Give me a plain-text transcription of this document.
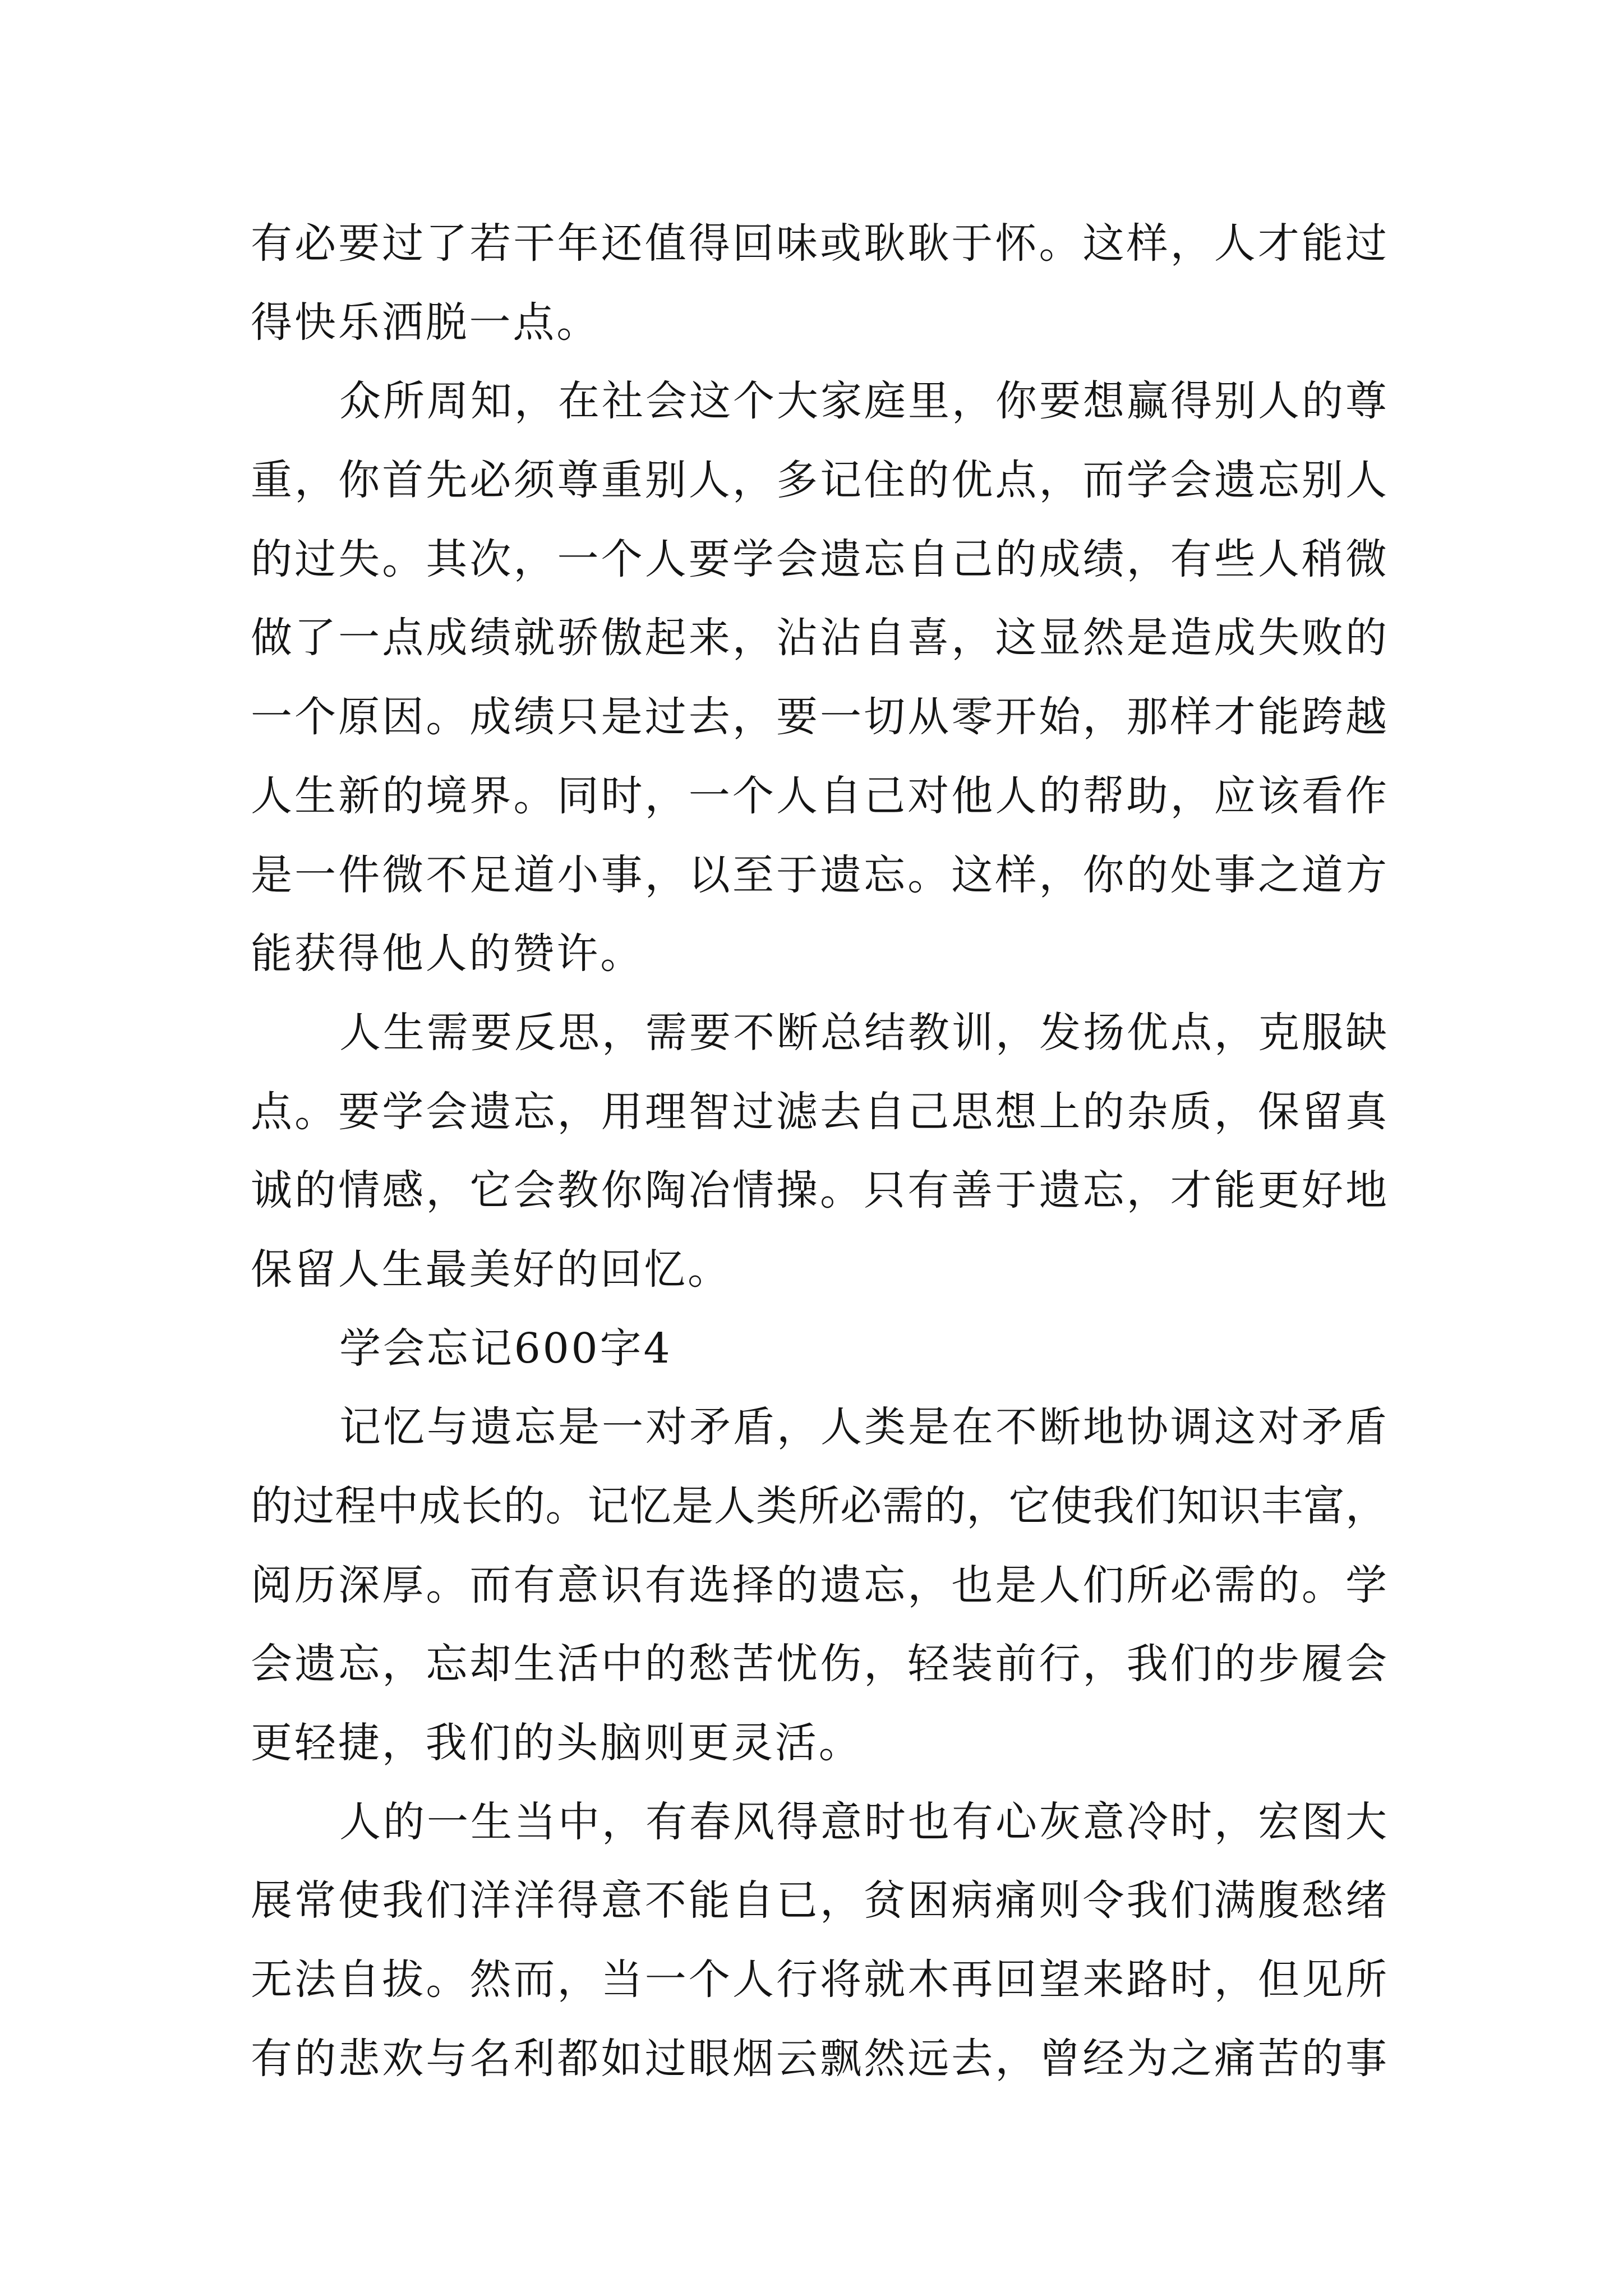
有必要过了若干年还值得回味或耿耿于怀。这样，人才能过
得快乐洒脱一点。
众所周知，在社会这个大家庭里，你要想赢得别人的尊
重，你首先必须尊重别人，多记住的优点，而学会遗忘别人
的过失。其次，一个人要学会遗忘自己的成绩，有些人稍微
做了一点成绩就骄傲起来，沾沾自喜，这显然是造成失败的
一个原因。成绩只是过去，要一切从零开始，那样才能跨越
人生新的境界。同时，一个人自己对他人的帮助，应该看作
是一件微不足道小事，以至于遗忘。这样，你的处事之道方
能获得他人的赞许。
人生需要反思，需要不断总结教训，发扬优点，克服缺
点。要学会遗忘，用理智过滤去自己思想上的杂质，保留真
诚的情感，它会教你陶冶情操。只有善于遗忘，才能更好地
保留人生最美好的回忆。
学会忘记600字4
记忆与遗忘是一对矛盾，人类是在不断地协调这对矛盾
的过程中成长的。记忆是人类所必需的，它使我们知识丰富，
阅历深厚。而有意识有选择的遗忘，也是人们所必需的。学
会遗忘，忘却生活中的愁苦忧伤，轻装前行，我们的步履会
更轻捷，我们的头脑则更灵活。
人的一生当中，有春风得意时也有心灰意冷时，宏图大
展常使我们洋洋得意不能自已，贫困病痛则令我们满腹愁绪
无法自拔。然而，当一个人行将就木再回望来路时，但见所
有的悲欢与名利都如过眼烟云飘然远去，曾经为之痛苦的事
